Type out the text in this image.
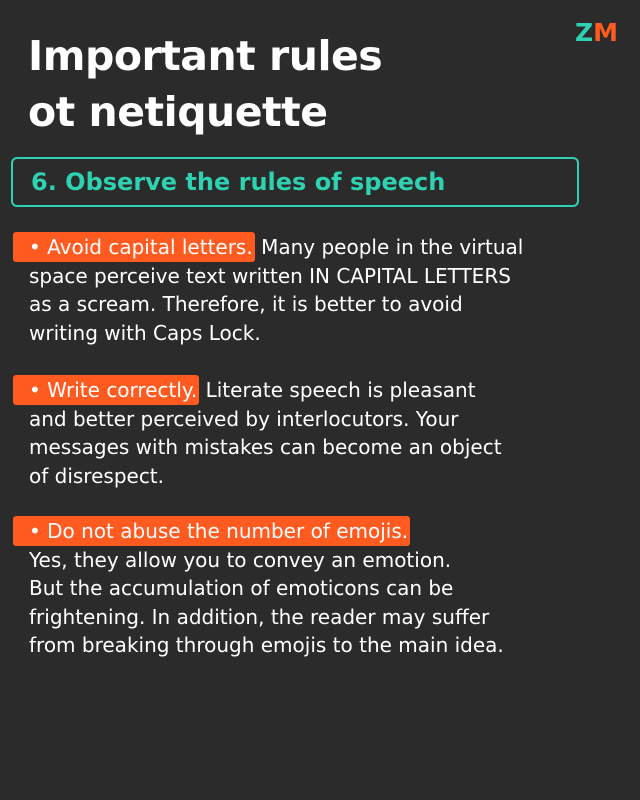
ZM
Important rules
ot netiquette
6. Observe the rules of speech
• Avoid capital letters. Many people in the virtual
space perceive text written IN CAPITAL LETTERS
as a scream. Therefore, it is better to avoid
writing with Caps Lock.
• Write correctly. Literate speech is pleasant
and better perceived by interlocutors. Your
messages with mistakes can become an object
of disrespect.
• Do not abuse the number of emojis.
Yes, they allow you to convey an emotion.
But the accumulation of emoticons can be
frightening. In addition, the reader may suffer
from breaking through emojis to the main idea.
